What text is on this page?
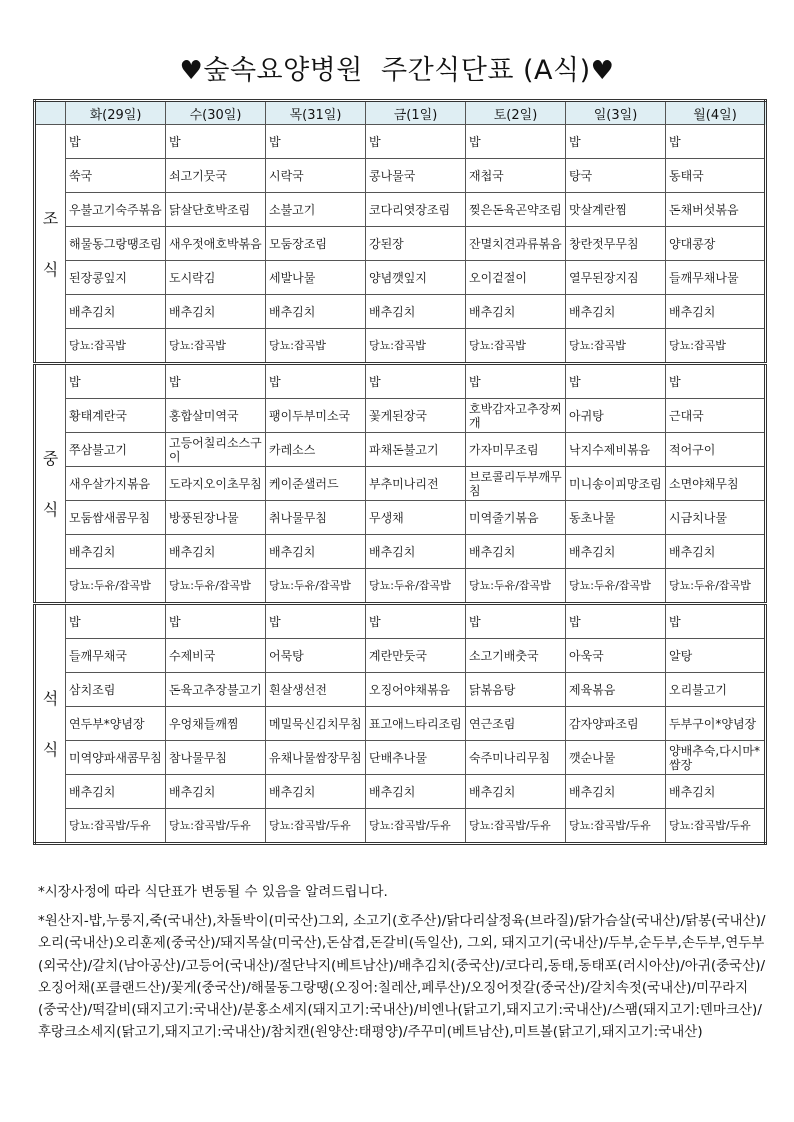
♥숲속요양병원  주간식단표 (A식)♥
	화(29일)	수(30일)	목(31일)	금(1일)	토(2일)	일(3일)	월(4일)

조
식	밥	밥	밥	밥	밥	밥	밥
	쑥국	쇠고기뭇국	시락국	콩나물국	재첩국	탕국	동태국
	우불고기숙주볶음	닭살단호박조림	소불고기	코다리엿장조림	찢은돈육곤약조림	맛살계란찜	돈채버섯볶음
	해물동그랑땡조림	새우젓애호박볶음	모둠장조림	강된장	잔멸치견과류볶음	창란젓무무침	양대콩장
	된장콩잎지	도시락김	세발나물	양념깻잎지	오이겉절이	열무된장지짐	들깨무채나물
	배추김치	배추김치	배추김치	배추김치	배추김치	배추김치	배추김치
	당뇨:잡곡밥	당뇨:잡곡밥	당뇨:잡곡밥	당뇨:잡곡밥	당뇨:잡곡밥	당뇨:잡곡밥	당뇨:잡곡밥

중
식	밥	밥	밥	밥	밥	밥	밥
	황태계란국	홍합살미역국	팽이두부미소국	꽃게된장국	호박감자고추장찌개	아귀탕	근대국
	쭈삼불고기	고등어칠리소스구이	카레소스	파채돈불고기	가자미무조림	낙지수제비볶음	적어구이
	새우살가지볶음	도라지오이초무침	케이준샐러드	부추미나리전	브로콜리두부깨무침	미니송이피망조림	소면야채무침
	모둠쌈새콤무침	방풍된장나물	취나물무침	무생채	미역줄기볶음	동초나물	시금치나물
	배추김치	배추김치	배추김치	배추김치	배추김치	배추김치	배추김치
	당뇨:두유/잡곡밥	당뇨:두유/잡곡밥	당뇨:두유/잡곡밥	당뇨:두유/잡곡밥	당뇨:두유/잡곡밥	당뇨:두유/잡곡밥	당뇨:두유/잡곡밥

석
식	밥	밥	밥	밥	밥	밥	밥
	들깨무채국	수제비국	어묵탕	계란만둣국	소고기배춧국	아욱국	알탕
	삼치조림	돈육고추장불고기	흰살생선전	오징어야채볶음	닭볶음탕	제육볶음	오리불고기
	연두부*양념장	우엉채들깨찜	메밀묵신김치무침	표고애느타리조림	연근조림	감자양파조림	두부구이*양념장
	미역양파새콤무침	참나물무침	유채나물쌈장무침	단배추나물	숙주미나리무침	깻순나물	양배추숙,다시마*쌈장
	배추김치	배추김치	배추김치	배추김치	배추김치	배추김치	배추김치
	당뇨:잡곡밥/두유	당뇨:잡곡밥/두유	당뇨:잡곡밥/두유	당뇨:잡곡밥/두유	당뇨:잡곡밥/두유	당뇨:잡곡밥/두유	당뇨:잡곡밥/두유

*시장사정에 따라 식단표가 변동될 수 있음을 알려드립니다.

*원산지-밥,누룽지,죽(국내산),차돌박이(미국산)그외, 소고기(호주산)/닭다리살정육(브라질)/닭가슴살(국내산)/닭봉(국내산)/오리(국내산)오리훈제(중국산)/돼지목살(미국산),돈삼겹,돈갈비(독일산), 그외, 돼지고기(국내산)/두부,순두부,손두부,연두부(외국산)/갈치(남아공산)/고등어(국내산)/절단낙지(베트남산)/배추김치(중국산)/코다리,동태,동태포(러시아산)/아귀(중국산)/오징어채(포클랜드산)/꽃게(중국산)/해물동그랑땡(오징어:칠레산,페루산)/오징어젓갈(중국산)/갈치속젓(국내산)/미꾸라지(중국산)/떡갈비(돼지고기:국내산)/분홍소세지(돼지고기:국내산)/비엔나(닭고기,돼지고기:국내산)/스팸(돼지고기:덴마크산)/후랑크소세지(닭고기,돼지고기:국내산)/참치캔(원양산:태평양)/주꾸미(베트남산),미트볼(닭고기,돼지고기:국내산)
